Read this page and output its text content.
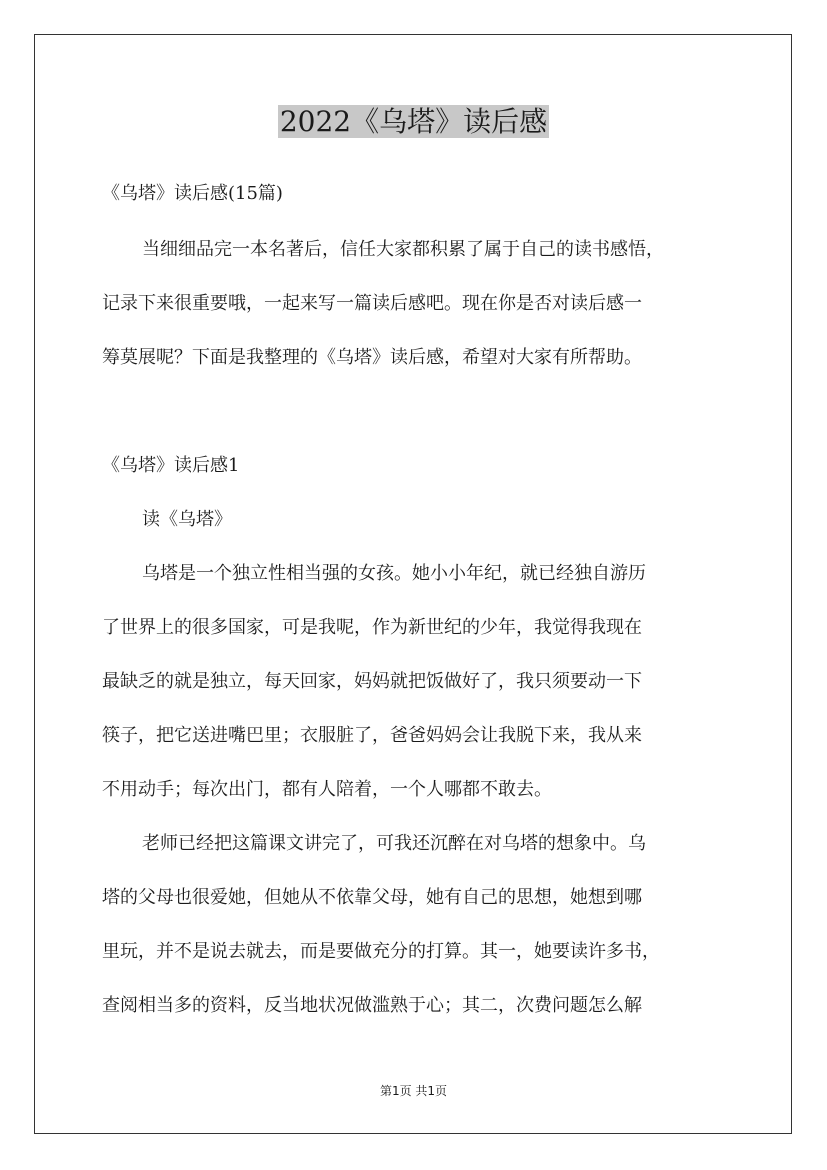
2022《乌塔》读后感
《乌塔》读后感(15篇)
当细细品完一本名著后，信任大家都积累了属于自己的读书感悟，
记录下来很重要哦，一起来写一篇读后感吧。现在你是否对读后感一
筹莫展呢？下面是我整理的《乌塔》读后感，希望对大家有所帮助。
《乌塔》读后感1
读《乌塔》
乌塔是一个独立性相当强的女孩。她小小年纪，就已经独自游历
了世界上的很多国家，可是我呢，作为新世纪的少年，我觉得我现在
最缺乏的就是独立，每天回家，妈妈就把饭做好了，我只须要动一下
筷子，把它送进嘴巴里；衣服脏了，爸爸妈妈会让我脱下来，我从来
不用动手；每次出门，都有人陪着，一个人哪都不敢去。
老师已经把这篇课文讲完了，可我还沉醉在对乌塔的想象中。乌
塔的父母也很爱她，但她从不依靠父母，她有自己的思想，她想到哪
里玩，并不是说去就去，而是要做充分的打算。其一，她要读许多书，
查阅相当多的资料，反当地状况做滥熟于心；其二，次费问题怎么解
第1页 共1页
